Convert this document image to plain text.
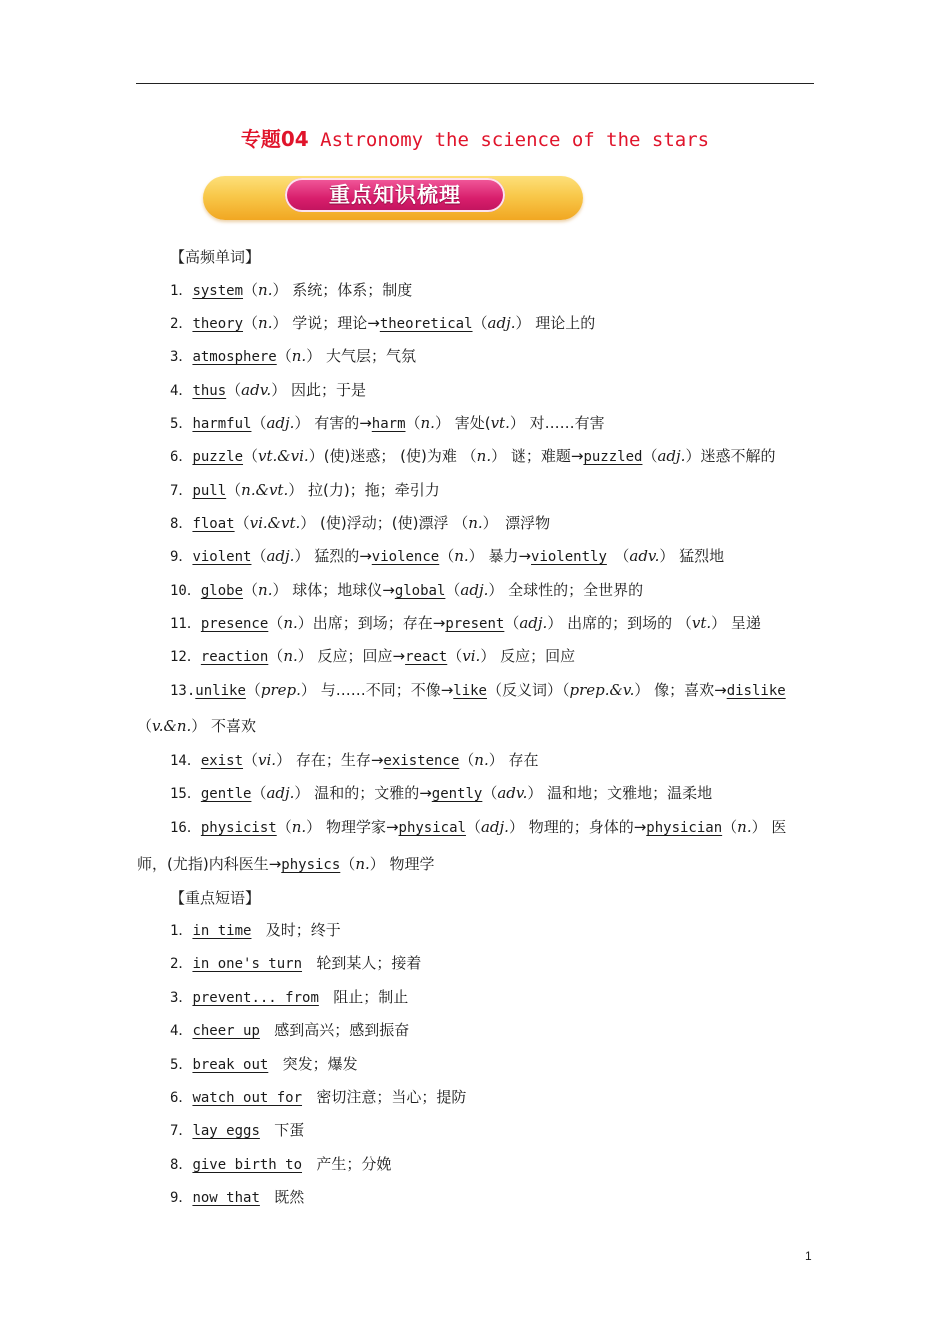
专题04 Astronomy the science of the stars
重点知识梳理
【高频单词】
1．system（n.） 系统；体系；制度
2．theory（n.） 学说；理论→theoretical（adj.） 理论上的
3．atmosphere（n.） 大气层；气氛
4．thus（adv.） 因此；于是
5．harmful（adj.） 有害的→harm（n.） 害处(vt.） 对……有害
6．puzzle（vt.&vi.）(使)迷惑； (使)为难 （n.） 谜；难题→puzzled（adj.）迷惑不解的
7．pull（n.&vt.） 拉(力)；拖；牵引力
8．float（vi.&vt.） (使)浮动；(使)漂浮 （n.）　漂浮物
9．violent（adj.） 猛烈的→violence（n.） 暴力→violently　（adv.） 猛烈地
10．globe（n.） 球体；地球仪→global（adj.） 全球性的；全世界的
11．presence（n.）出席；到场；存在→present（adj.） 出席的；到场的 （vt.） 呈递
12．reaction（n.） 反应；回应→react（vi.） 反应；回应
13.unlike（prep.） 与……不同；不像→like（反义词）（prep.&v.） 像；喜欢→dislike
（v.&n.） 不喜欢
14．exist（vi.） 存在；生存→existence（n.） 存在
15．gentle（adj.） 温和的；文雅的→gently（adv.） 温和地；文雅地；温柔地
16．physicist（n.） 物理学家→physical（adj.） 物理的；身体的→physician（n.） 医
师，(尤指)内科医生→physics（n.） 物理学
【重点短语】
1．in time 及时；终于
2．in one's turn 轮到某人；接着
3．prevent... from 阻止；制止
4．cheer up 感到高兴；感到振奋
5．break out 突发；爆发
6．watch out for 密切注意；当心；提防
7．lay eggs 下蛋
8．give birth to 产生；分娩
9．now that 既然
1
